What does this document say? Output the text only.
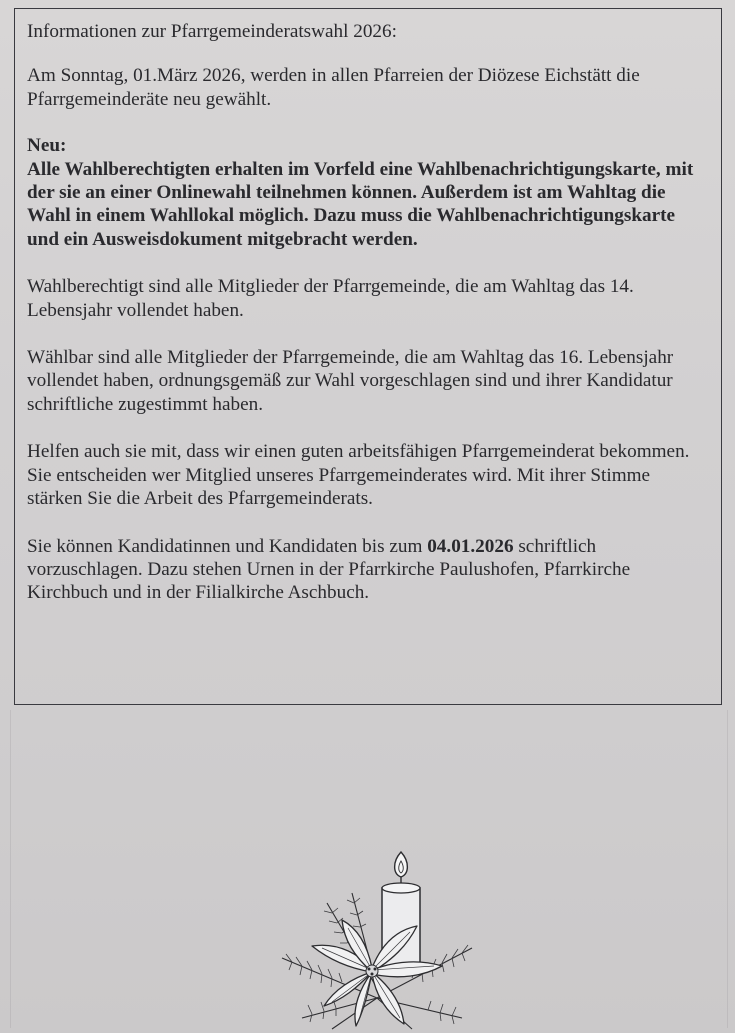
Informationen zur Pfarrgemeinderatswahl 2026:

Am Sonntag, 01.März 2026, werden in allen Pfarreien der Diözese Eichstätt die Pfarrgemeinderäte neu gewählt.

Neu:

Alle Wahlberechtigten erhalten im Vorfeld eine Wahlbenachrichtigungskarte, mit der sie an einer Onlinewahl teilnehmen können. Außerdem ist am Wahltag die Wahl in einem Wahllokal möglich. Dazu muss die Wahlbenachrichtigungskarte und ein Ausweisdokument mitgebracht werden.

Wahlberechtigt sind alle Mitglieder der Pfarrgemeinde, die am Wahltag das 14. Lebensjahr vollendet haben.

Wählbar sind alle Mitglieder der Pfarrgemeinde, die am Wahltag das 16. Lebensjahr vollendet haben, ordnungsgemäß zur Wahl vorgeschlagen sind und ihrer Kandidatur schriftliche zugestimmt haben.

Helfen auch sie mit, dass wir einen guten arbeitsfähigen Pfarrgemeinderat bekommen. Sie entscheiden wer Mitglied unseres Pfarrgemeinderates wird. Mit ihrer Stimme stärken Sie die Arbeit des Pfarrgemeinderats.

Sie können Kandidatinnen und Kandidaten bis zum 04.01.2026 schriftlich vorzuschlagen. Dazu stehen Urnen in der Pfarrkirche Paulushofen, Pfarrkirche Kirchbuch und in der Filialkirche Aschbuch.
